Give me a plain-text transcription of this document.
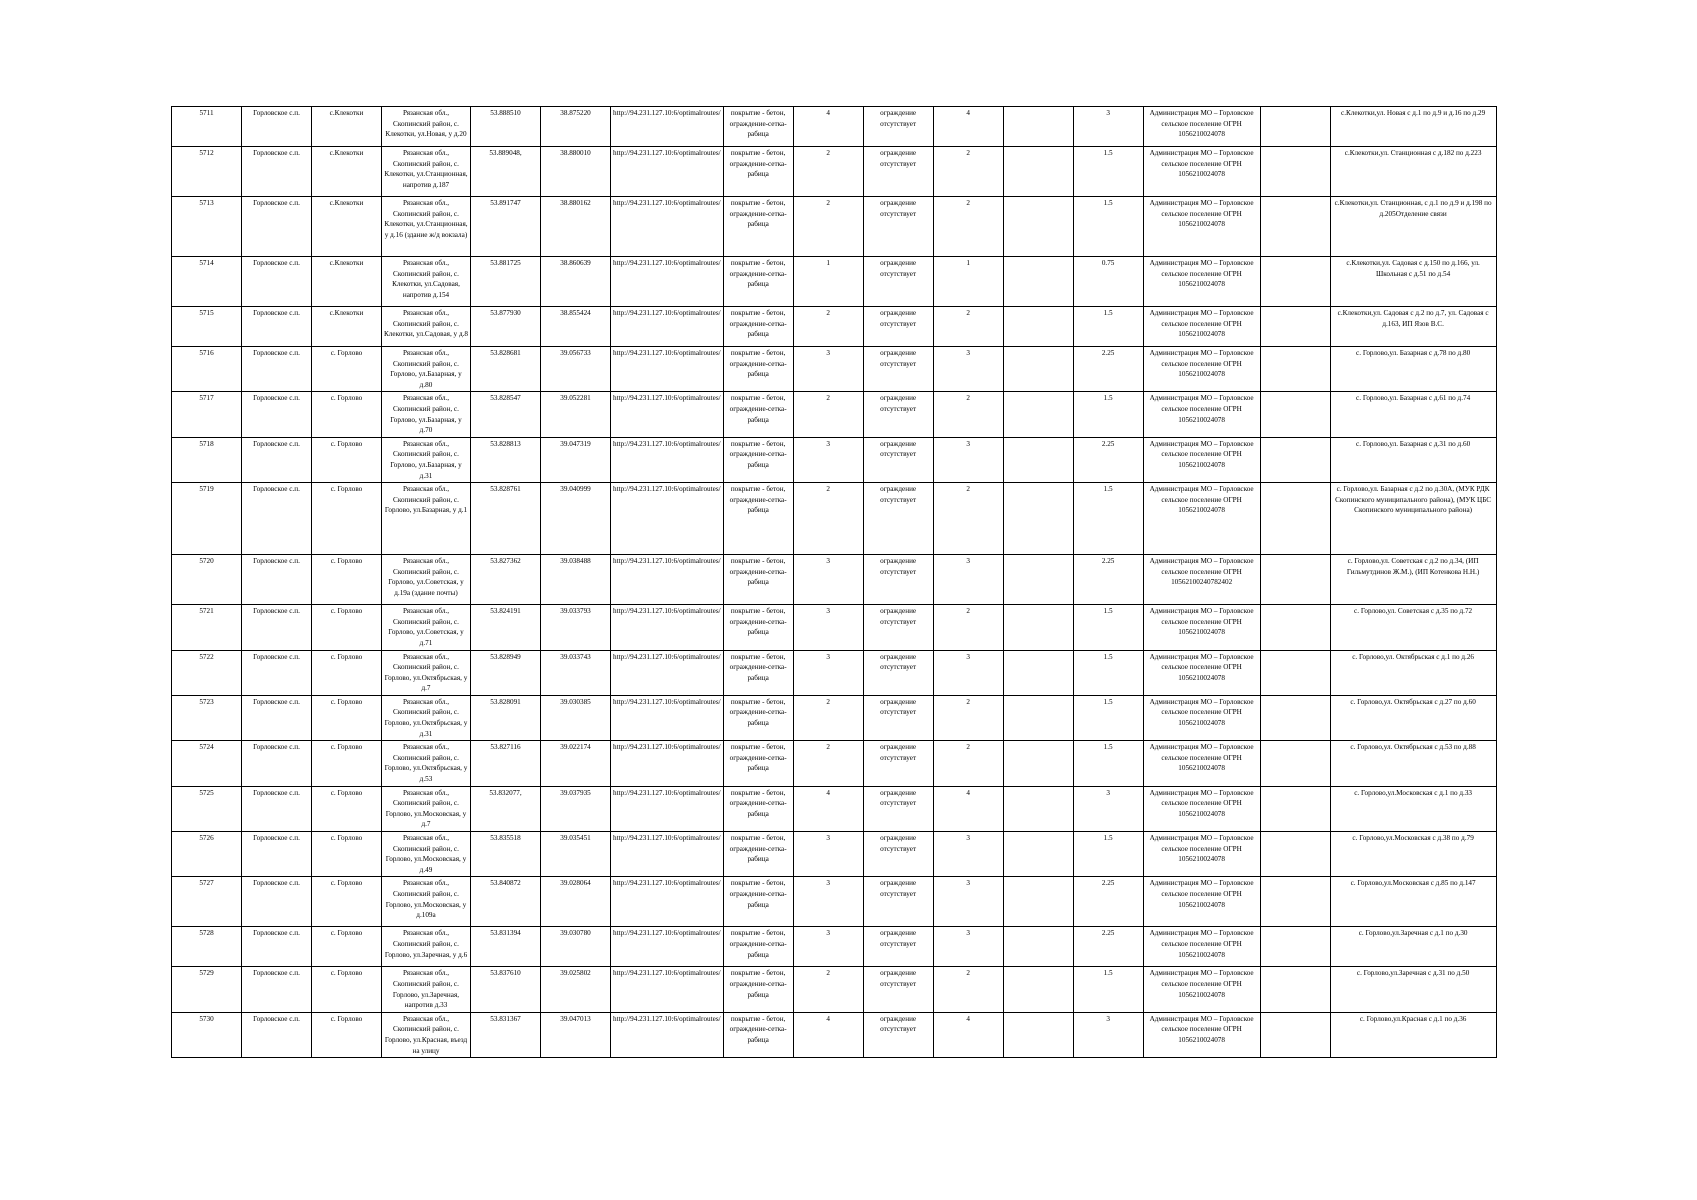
5711	Горловское с.п.	с.Клекотки	Рязанская обл., Скопинский район, с. Клекотки, ул.Новая, у д.20	53.888510	38.875220	http://94.231.127.10:6/optimalroutes/	покрытие - бетон, ограждение-сетка-рабица	4	ограждение отсутствует	4		3	Администрация МО – Горловское сельское поселение ОГРН 1056210024078		с.Клекотки,ул. Новая с д.1 по д.9 и д.16 по д.29
5712	Горловское с.п.	с.Клекотки	Рязанская обл., Скопинский район, с. Клекотки, ул.Станционная, напротив д.187	53.889048,	38.880010	http://94.231.127.10:6/optimalroutes/	покрытие - бетон, ограждение-сетка-рабица	2	ограждение отсутствует	2		1.5	Администрация МО – Горловское сельское поселение ОГРН 1056210024078		с.Клекотки,ул. Станционная с д.182 по д.223
5713	Горловское с.п.	с.Клекотки	Рязанская обл., Скопинский район, с. Клекотки, ул.Станционная, у д.16 (здание ж/д вокзала)	53.891747	38.880162	http://94.231.127.10:6/optimalroutes/	покрытие - бетон, ограждение-сетка-рабица	2	ограждение отсутствует	2		1.5	Администрация МО – Горловское сельское поселение ОГРН 1056210024078		с.Клекотки,ул. Станционная, с д.1 по д.9 и д.198 по д.205Отделение связи
5714	Горловское с.п.	с.Клекотки	Рязанская обл., Скопинский район, с. Клекотки, ул.Садовая, напротив д.154	53.881725	38.860639	http://94.231.127.10:6/optimalroutes/	покрытие - бетон, ограждение-сетка-рабица	1	ограждение отсутствует	1		0.75	Администрация МО – Горловское сельское поселение ОГРН 1056210024078		с.Клекотки,ул. Садовая с д.150 по д.166, ул. Школьная с д.51 по д.54
5715	Горловское с.п.	с.Клекотки	Рязанская обл., Скопинский район, с. Клекотки, ул.Садовая, у д.8	53.877930	38.855424	http://94.231.127.10:6/optimalroutes/	покрытие - бетон, ограждение-сетка-рабица	2	ограждение отсутствует	2		1.5	Администрация МО – Горловское сельское поселение ОГРН 1056210024078		с.Клекотки,ул. Садовая с д.2 по д.7, ул. Садовая с д.163, ИП Язов В.С.
5716	Горловское с.п.	с. Горлово	Рязанская обл., Скопинский район, с. Горлово, ул.Базарная, у д.80	53.828681	39.056733	http://94.231.127.10:6/optimalroutes/	покрытие - бетон, ограждение-сетка-рабица	3	ограждение отсутствует	3		2.25	Администрация МО – Горловское сельское поселение ОГРН 1056210024078		с. Горлово,ул. Базарная с д.78 по д.80
5717	Горловское с.п.	с. Горлово	Рязанская обл., Скопинский район, с. Горлово, ул.Базарная, у д.70	53.828547	39.052281	http://94.231.127.10:6/optimalroutes/	покрытие - бетон, ограждение-сетка-рабица	2	ограждение отсутствует	2		1.5	Администрация МО – Горловское сельское поселение ОГРН 1056210024078		с. Горлово,ул. Базарная с д.61 по д.74
5718	Горловское с.п.	с. Горлово	Рязанская обл., Скопинский район, с. Горлово, ул.Базарная, у д.31	53.828813	39.047319	http://94.231.127.10:6/optimalroutes/	покрытие - бетон, ограждение-сетка-рабица	3	ограждение отсутствует	3		2.25	Администрация МО – Горловское сельское поселение ОГРН 1056210024078		с. Горлово,ул. Базарная с д.31 по д.60
5719	Горловское с.п.	с. Горлово	Рязанская обл., Скопинский район, с. Горлово, ул.Базарная, у д.1	53.828761	39.040999	http://94.231.127.10:6/optimalroutes/	покрытие - бетон, ограждение-сетка-рабица	2	ограждение отсутствует	2		1.5	Администрация МО – Горловское сельское поселение ОГРН 1056210024078		с. Горлово,ул. Базарная с д.2 по д.30А, (МУК РДК Скопинского муниципального района), (МУК ЦБС Скопинского муниципального района)
5720	Горловское с.п.	с. Горлово	Рязанская обл., Скопинский район, с. Горлово, ул.Советская, у д.19а (здание почты)	53.827362	39.038488	http://94.231.127.10:6/optimalroutes/	покрытие - бетон, ограждение-сетка-рабица	3	ограждение отсутствует	3		2.25	Администрация МО – Горловское сельское поселение ОГРН 10562100240782402		с. Горлово,ул. Советская с д.2 по д.34, (ИП Гильмутдинов Ж.М.), (ИП Котенкова Н.Н.)
5721	Горловское с.п.	с. Горлово	Рязанская обл., Скопинский район, с. Горлово, ул.Советская, у д.71	53.824191	39.033793	http://94.231.127.10:6/optimalroutes/	покрытие - бетон, ограждение-сетка-рабица	3	ограждение отсутствует	2		1.5	Администрация МО – Горловское сельское поселение ОГРН 1056210024078		с. Горлово,ул. Советская с д.35 по д.72
5722	Горловское с.п.	с. Горлово	Рязанская обл., Скопинский район, с. Горлово, ул.Октябрьская, у д.7	53.828949	39.033743	http://94.231.127.10:6/optimalroutes/	покрытие - бетон, ограждение-сетка-рабица	3	ограждение отсутствует	3		1.5	Администрация МО – Горловское сельское поселение ОГРН 1056210024078		с. Горлово,ул. Октябрьская с д.1 по д.26
5723	Горловское с.п.	с. Горлово	Рязанская обл., Скопинский район, с. Горлово, ул.Октябрьская, у д.31	53.828091	39.030385	http://94.231.127.10:6/optimalroutes/	покрытие - бетон, ограждение-сетка-рабица	2	ограждение отсутствует	2		1.5	Администрация МО – Горловское сельское поселение ОГРН 1056210024078		с. Горлово,ул. Октябрьская с д.27 по д.60
5724	Горловское с.п.	с. Горлово	Рязанская обл., Скопинский район, с. Горлово, ул.Октябрьская, у д.53	53.827116	39.022174	http://94.231.127.10:6/optimalroutes/	покрытие - бетон, ограждение-сетка-рабица	2	ограждение отсутствует	2		1.5	Администрация МО – Горловское сельское поселение ОГРН 1056210024078		с. Горлово,ул. Октябрьская с д.53 по д.88
5725	Горловское с.п.	с. Горлово	Рязанская обл., Скопинский район, с. Горлово, ул.Московская, у д.7	53.832077,	39.037935	http://94.231.127.10:6/optimalroutes/	покрытие - бетон, ограждение-сетка-рабица	4	ограждение отсутствует	4		3	Администрация МО – Горловское сельское поселение ОГРН 1056210024078		с. Горлово,ул.Московская с д.1 по д.33
5726	Горловское с.п.	с. Горлово	Рязанская обл., Скопинский район, с. Горлово, ул.Московская, у д.49	53.835518	39.035451	http://94.231.127.10:6/optimalroutes/	покрытие - бетон, ограждение-сетка-рабица	3	ограждение отсутствует	3		1.5	Администрация МО – Горловское сельское поселение ОГРН 1056210024078		с. Горлово,ул.Московская с д.38 по д.79
5727	Горловское с.п.	с. Горлово	Рязанская обл., Скопинский район, с. Горлово, ул.Московская, у д.109а	53.840872	39.028064	http://94.231.127.10:6/optimalroutes/	покрытие - бетон, ограждение-сетка-рабица	3	ограждение отсутствует	3		2.25	Администрация МО – Горловское сельское поселение ОГРН 1056210024078		с. Горлово,ул.Московская с д.85 по д.147
5728	Горловское с.п.	с. Горлово	Рязанская обл., Скопинский район, с. Горлово, ул.Заречная, у д.6	53.831394	39.030780	http://94.231.127.10:6/optimalroutes/	покрытие - бетон, ограждение-сетка-рабица	3	ограждение отсутствует	3		2.25	Администрация МО – Горловское сельское поселение ОГРН 1056210024078		с. Горлово,ул.Заречная с д.1 по д.30
5729	Горловское с.п.	с. Горлово	Рязанская обл., Скопинский район, с. Горлово, ул.Заречная, напротив д.33	53.837610	39.025802	http://94.231.127.10:6/optimalroutes/	покрытие - бетон, ограждение-сетка-рабица	2	ограждение отсутствует	2		1.5	Администрация МО – Горловское сельское поселение ОГРН 1056210024078		с. Горлово,ул.Заречная с д.31 по д.50
5730	Горловское с.п.	с. Горлово	Рязанская обл., Скопинский район, с. Горлово, ул.Красная, въезд на улицу	53.831367	39.047013	http://94.231.127.10:6/optimalroutes/	покрытие - бетон, ограждение-сетка-рабица	4	ограждение отсутствует	4		3	Администрация МО – Горловское сельское поселение ОГРН 1056210024078		с. Горлово,ул.Красная с д.1 по д.36
